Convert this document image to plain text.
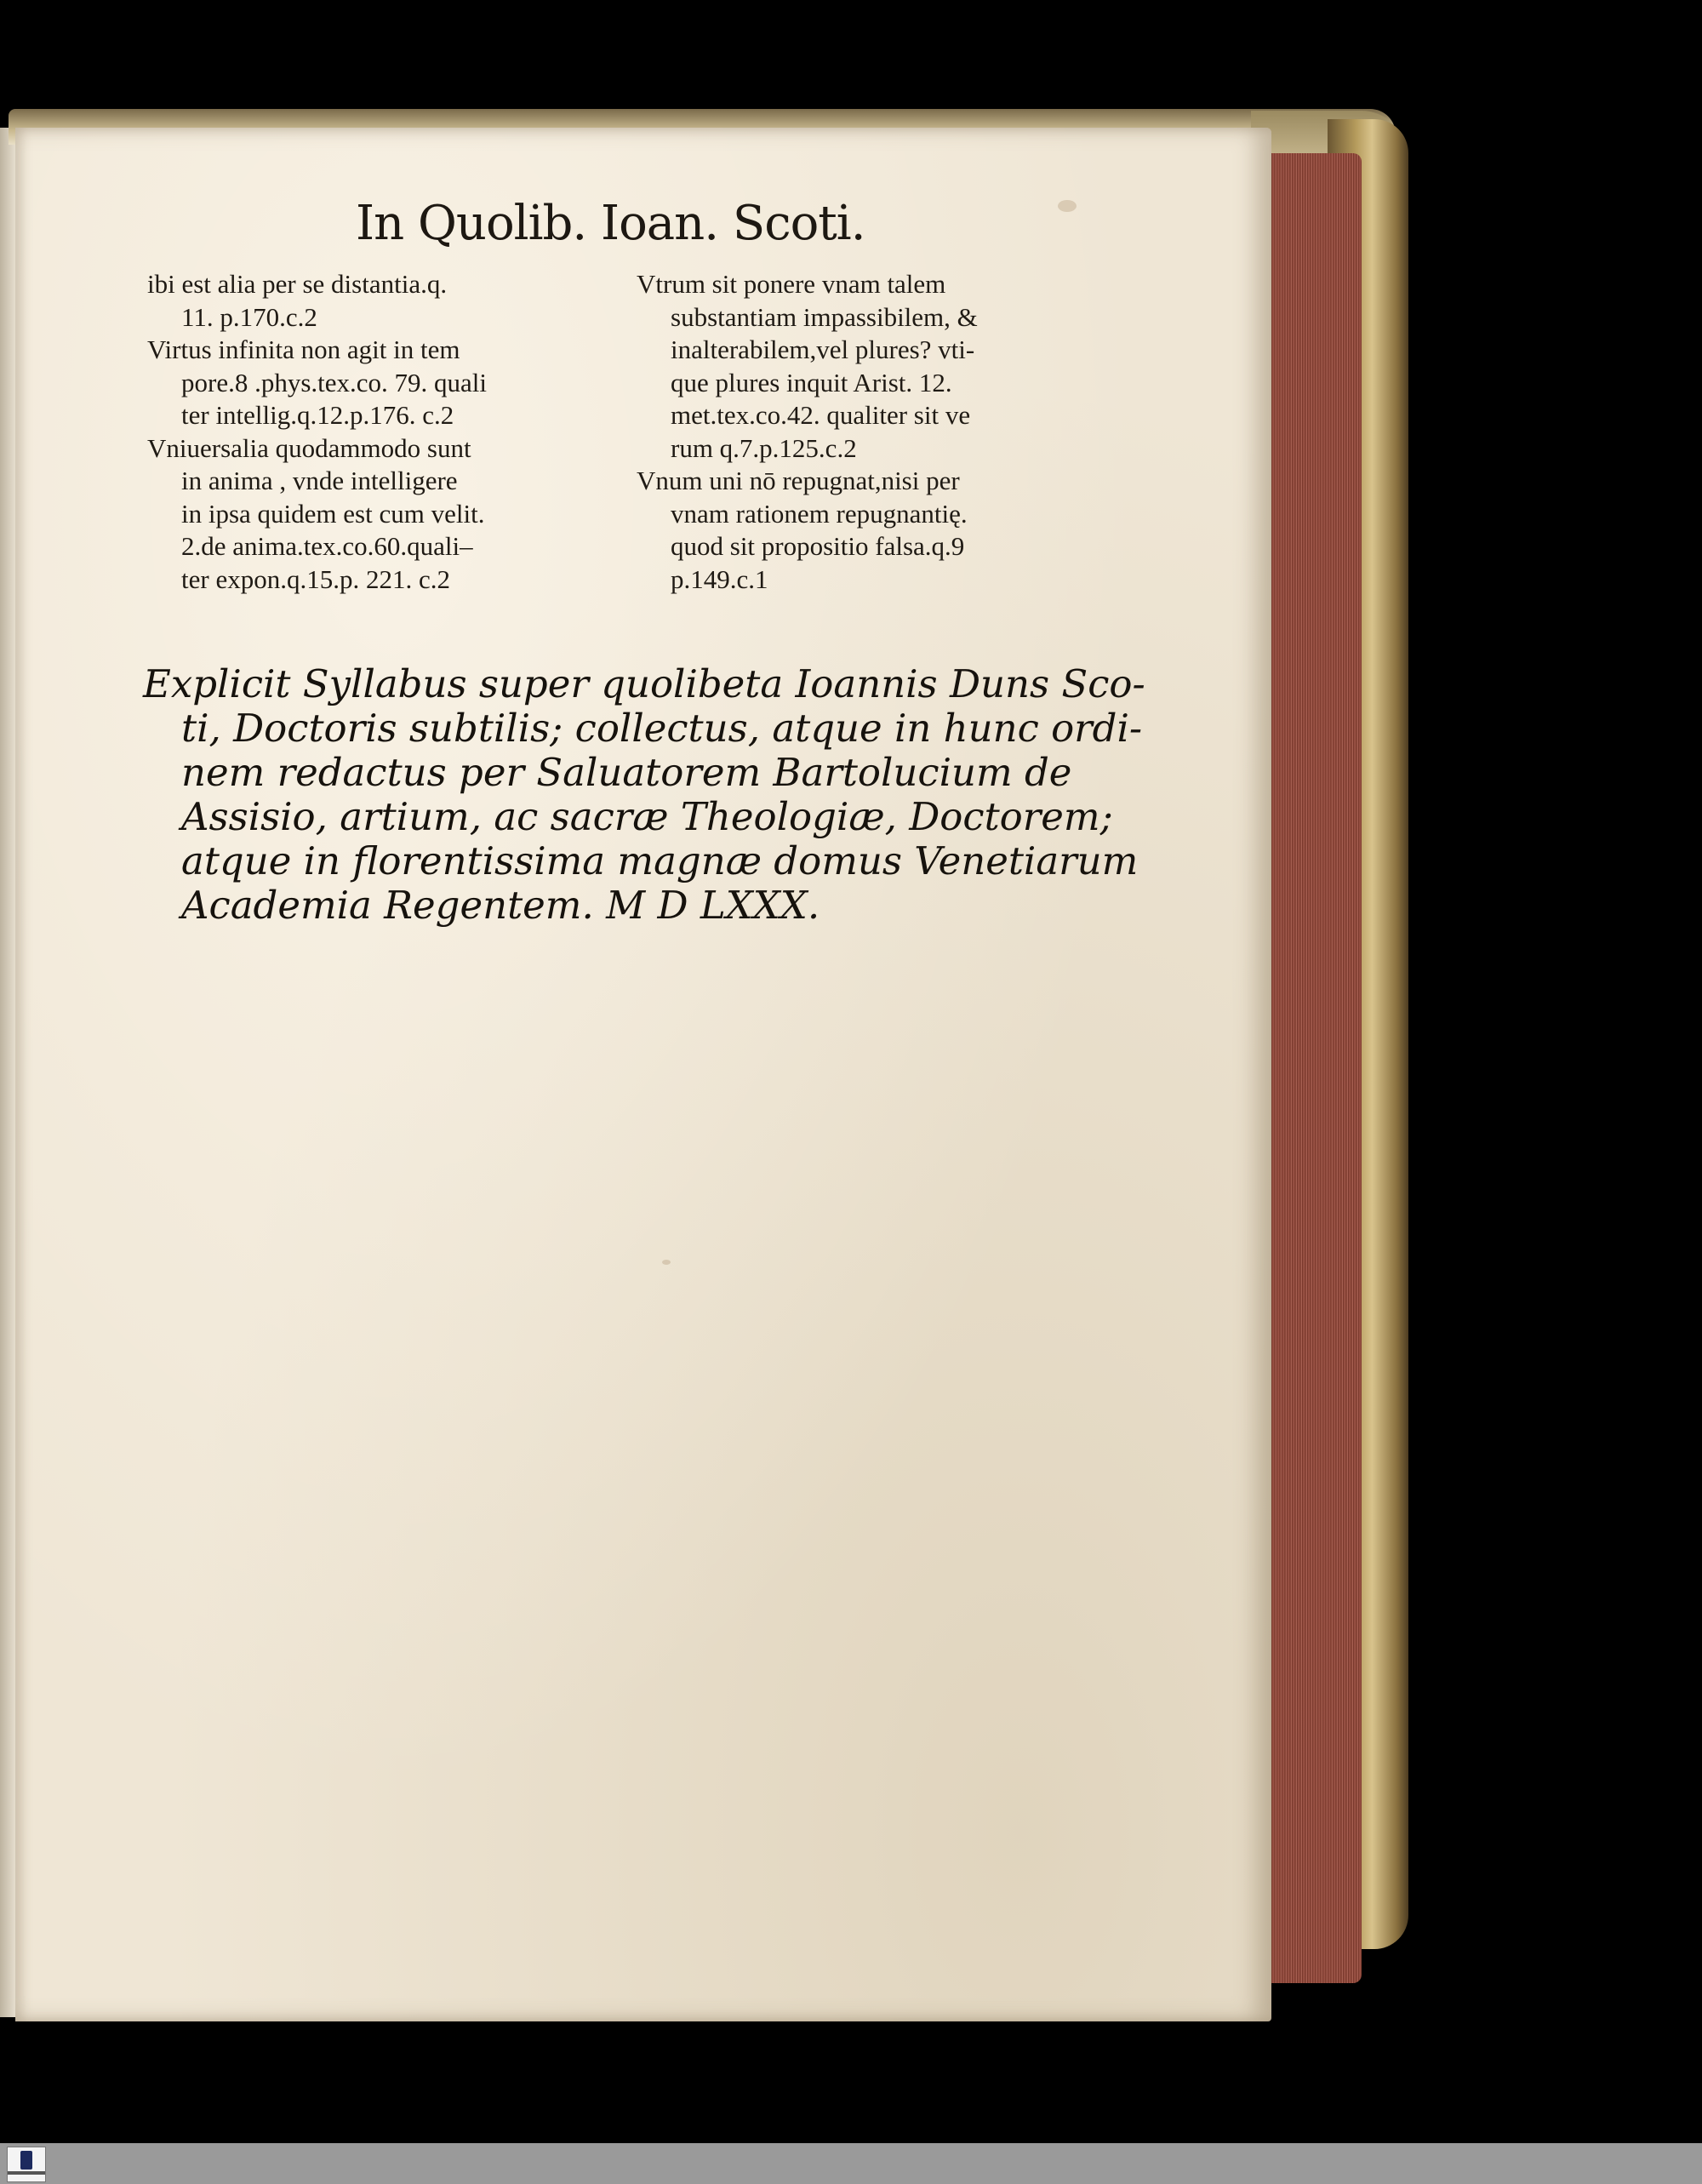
In Quolib. Ioan. Scoti.
ibi est alia per se distantia.q.
11. p.170.c.2
Virtus infinita non agit in tem
pore.8 .phys.tex.co. 79. quali
ter intellig.q.12.p.176. c.2
Vniuersalia quodammodo sunt
in anima , vnde intelligere
in ipsa quidem est cum velit.
2.de anima.tex.co.60.quali–
ter expon.q.15.p. 221. c.2
Vtrum sit ponere vnam talem
substantiam impassibilem, &
inalterabilem,vel plures? vti-
que plures inquit Arist. 12.
met.tex.co.42. qualiter sit ve
rum q.7.p.125.c.2
Vnum uni nō repugnat,nisi per
vnam rationem repugnantię.
quod sit propositio falsa.q.9
p.149.c.1
Explicit Syllabus super quolibeta Ioannis Duns Sco-
ti, Doctoris subtilis; collectus, atque in hunc ordi-
nem redactus per Saluatorem Bartolucium de
Assisio, artium, ac sacræ Theologiæ, Doctorem;
atque in florentissima magnæ domus Venetiarum
Academia Regentem. M D LXXX.
